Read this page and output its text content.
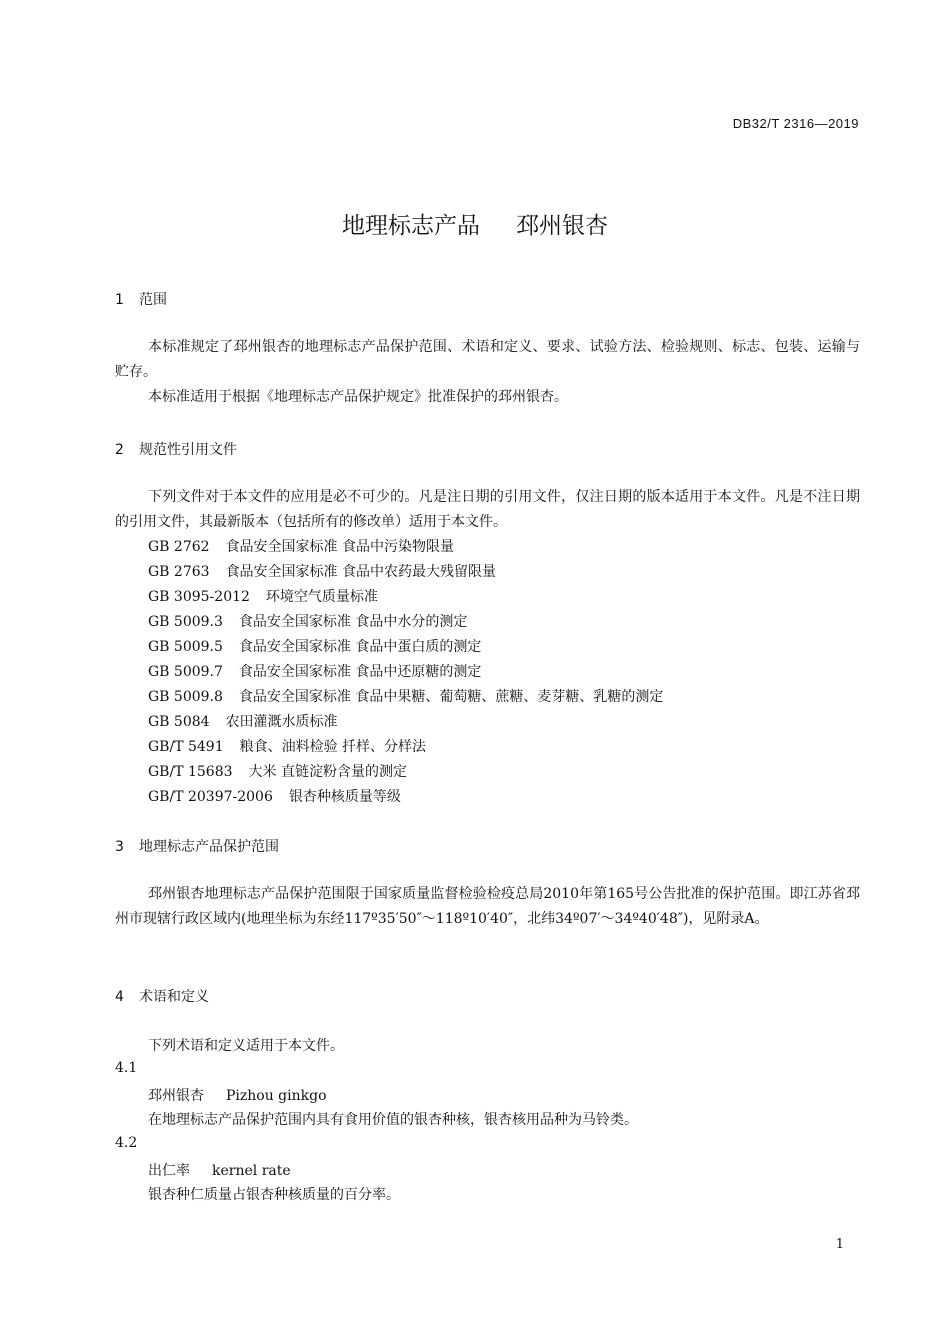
DB32/T 2316—2019
地理标志产品 邳州银杏
1 范围
本标准规定了邳州银杏的地理标志产品保护范围、术语和定义、要求、试验方法、检验规则、标志、包装、运输与贮存。
本标准适用于根据《地理标志产品保护规定》批准保护的邳州银杏。
2 规范性引用文件
下列文件对于本文件的应用是必不可少的。凡是注日期的引用文件，仅注日期的版本适用于本文件。凡是不注日期的引用文件，其最新版本（包括所有的修改单）适用于本文件。
GB 2762 食品安全国家标准 食品中污染物限量
GB 2763 食品安全国家标准 食品中农药最大残留限量
GB 3095-2012 环境空气质量标准
GB 5009.3 食品安全国家标准 食品中水分的测定
GB 5009.5 食品安全国家标准 食品中蛋白质的测定
GB 5009.7 食品安全国家标准 食品中还原糖的测定
GB 5009.8 食品安全国家标准 食品中果糖、葡萄糖、蔗糖、麦芽糖、乳糖的测定
GB 5084 农田灌溉水质标准
GB/T 5491 粮食、油料检验 扦样、分样法
GB/T 15683 大米 直链淀粉含量的测定
GB/T 20397-2006 银杏种核质量等级
3 地理标志产品保护范围
邳州银杏地理标志产品保护范围限于国家质量监督检验检疫总局2010年第165号公告批准的保护范围。即江苏省邳州市现辖行政区域内(地理坐标为东经117º35′50″～118º10′40″，北纬34º07′～34º40′48″)，见附录A。
4 术语和定义
下列术语和定义适用于本文件。
4.1
邳州银杏 Pizhou ginkgo
在地理标志产品保护范围内具有食用价值的银杏种核，银杏核用品种为马铃类。
4.2
出仁率 kernel rate
银杏种仁质量占银杏种核质量的百分率。
1
